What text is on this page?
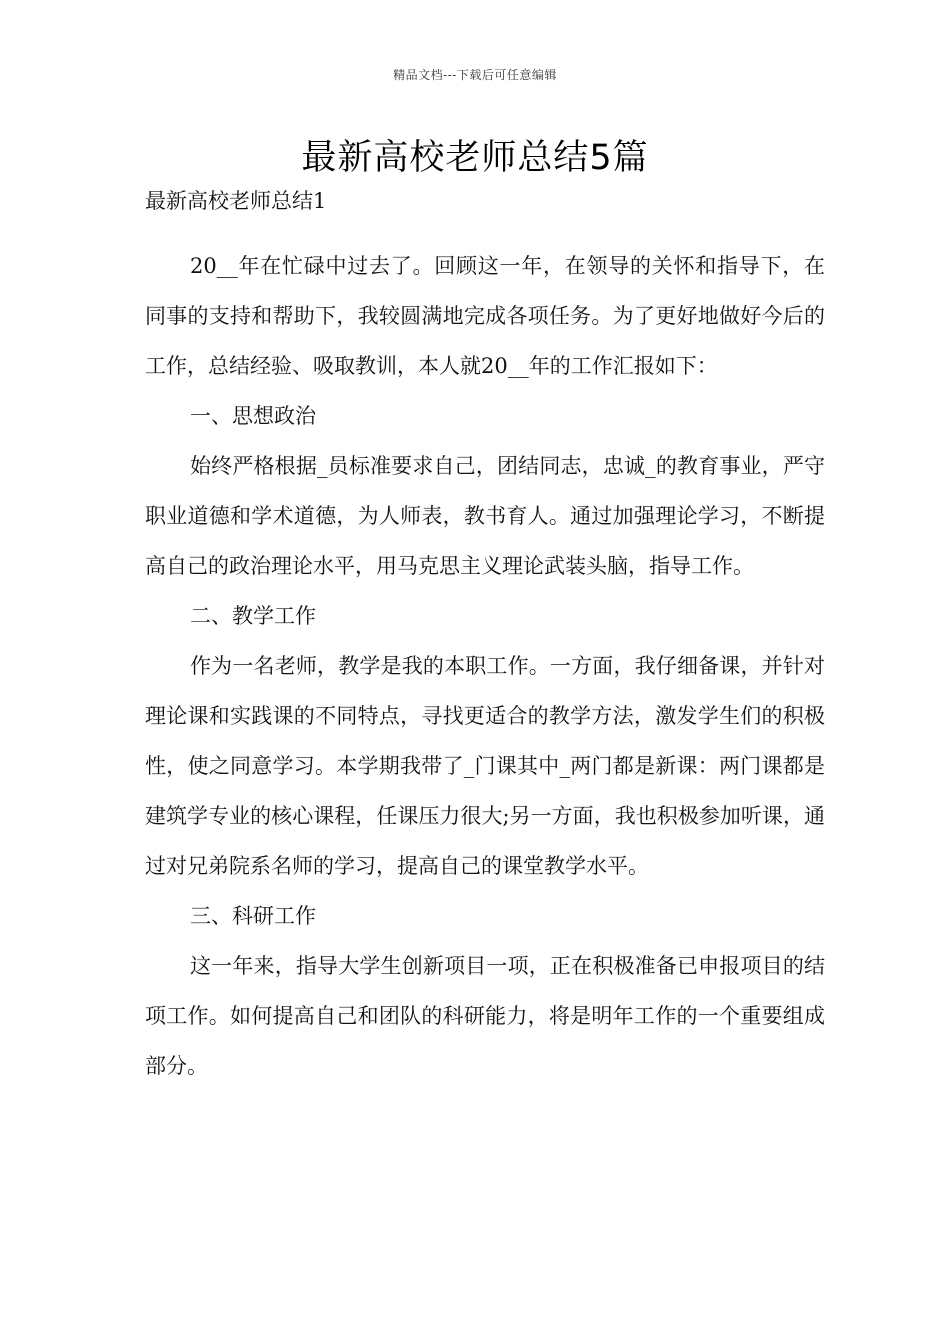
精品文档---下载后可任意编辑
最新高校老师总结5篇

最新高校老师总结1

20__年在忙碌中过去了。回顾这一年，在领导的关怀和指导下，在同事的支持和帮助下，我较圆满地完成各项任务。为了更好地做好今后的工作，总结经验、吸取教训，本人就20__年的工作汇报如下：

一、思想政治

始终严格根据_员标准要求自己，团结同志，忠诚_的教育事业，严守职业道德和学术道德，为人师表，教书育人。通过加强理论学习，不断提高自己的政治理论水平，用马克思主义理论武装头脑，指导工作。

二、教学工作

作为一名老师，教学是我的本职工作。一方面，我仔细备课，并针对理论课和实践课的不同特点，寻找更适合的教学方法，激发学生们的积极性，使之同意学习。本学期我带了_门课其中_两门都是新课：两门课都是建筑学专业的核心课程，任课压力很大;另一方面，我也积极参加听课，通过对兄弟院系名师的学习，提高自己的课堂教学水平。

三、科研工作

这一年来，指导大学生创新项目一项，正在积极准备已申报项目的结项工作。如何提高自己和团队的科研能力，将是明年工作的一个重要组成部分。
